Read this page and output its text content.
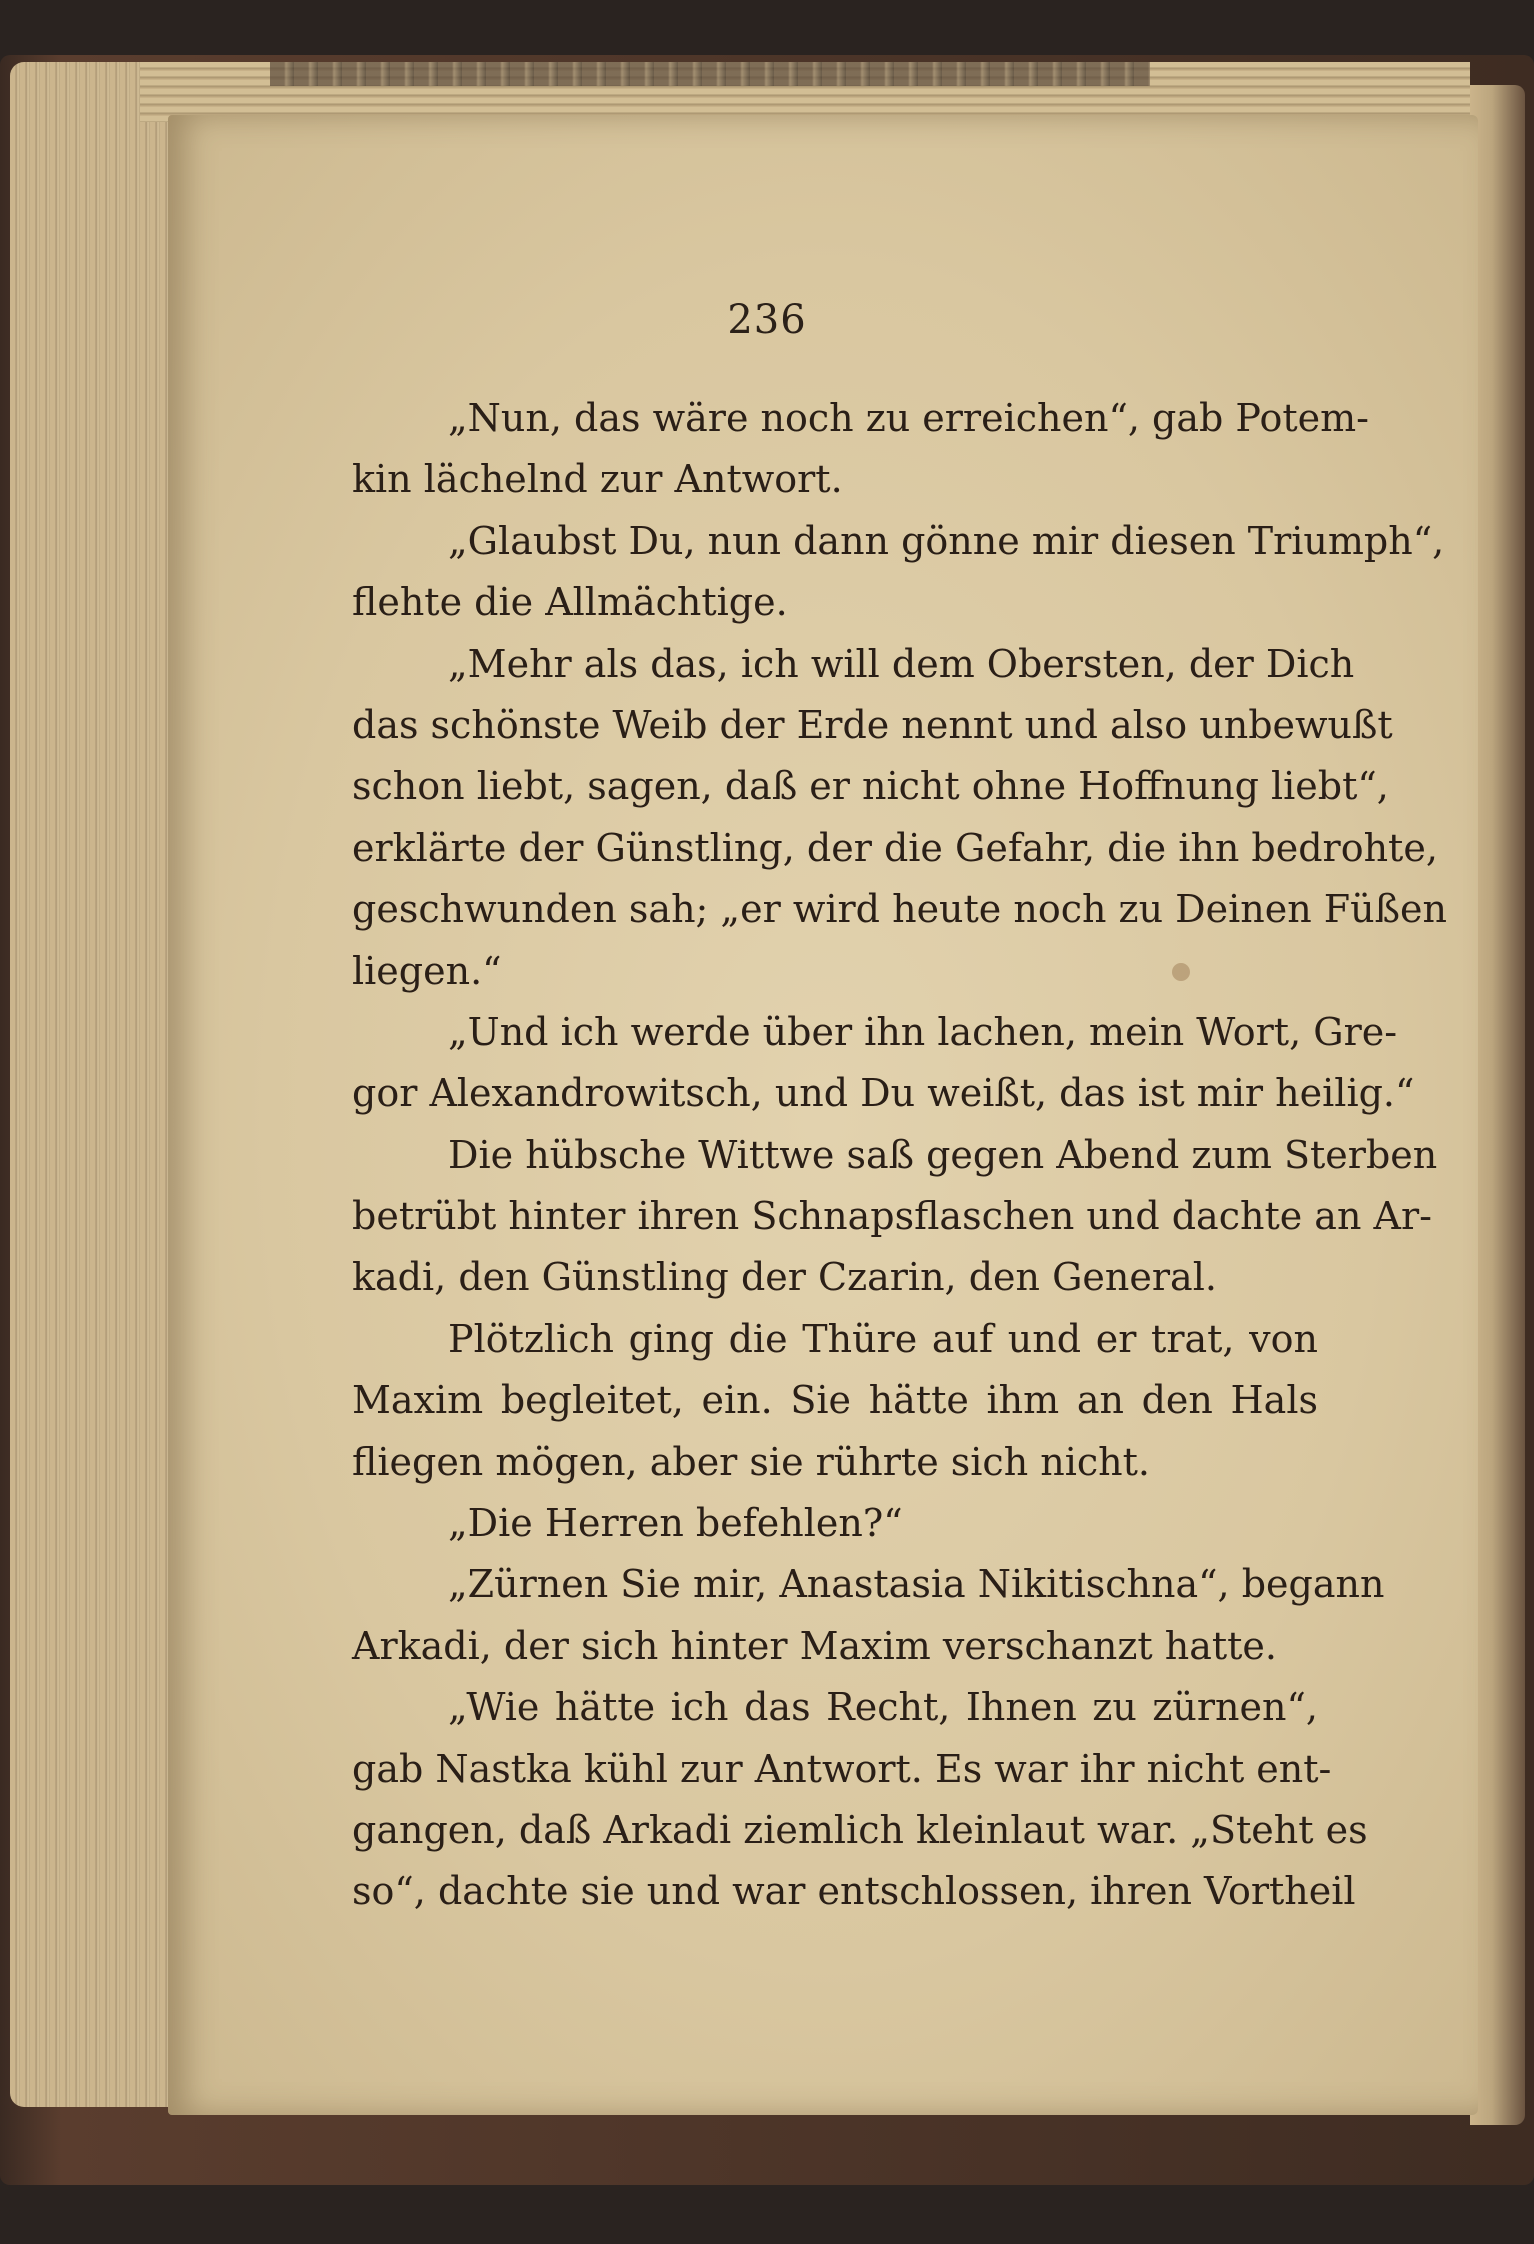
236
„Nun, das wäre noch zu erreichen“, gab Potem-
kin lächelnd zur Antwort.
„Glaubst Du, nun dann gönne mir diesen Triumph“,
flehte die Allmächtige.
„Mehr als das, ich will dem Obersten, der Dich
das schönste Weib der Erde nennt und also unbewußt
schon liebt, sagen, daß er nicht ohne Hoffnung liebt“,
erklärte der Günstling, der die Gefahr, die ihn bedrohte,
geschwunden sah; „er wird heute noch zu Deinen Füßen
liegen.“
„Und ich werde über ihn lachen, mein Wort, Gre-
gor Alexandrowitsch, und Du weißt, das ist mir heilig.“
Die hübsche Wittwe saß gegen Abend zum Sterben
betrübt hinter ihren Schnapsflaschen und dachte an Ar-
kadi, den Günstling der Czarin, den General.
Plötzlich ging die Thüre auf und er trat, von
Maxim begleitet, ein. Sie hätte ihm an den Hals
fliegen mögen, aber sie rührte sich nicht.
„Die Herren befehlen?“
„Zürnen Sie mir, Anastasia Nikitischna“, begann
Arkadi, der sich hinter Maxim verschanzt hatte.
„Wie hätte ich das Recht, Ihnen zu zürnen“,
gab Nastka kühl zur Antwort. Es war ihr nicht ent-
gangen, daß Arkadi ziemlich kleinlaut war. „Steht es
so“, dachte sie und war entschlossen, ihren Vortheil
